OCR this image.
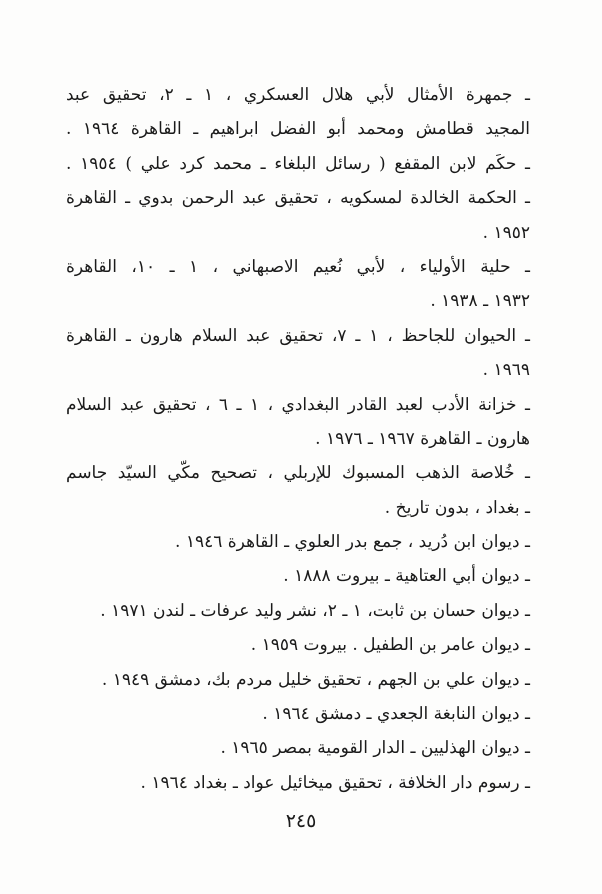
ـ جمهرة الأمثال لأبي هلال العسكري ، ١ ـ ٢، تحقيق عبد
المجيد قطامش ومحمد أبو الفضل ابراهيم ـ القاهرة ١٩٦٤ .
ـ حكَم لابن المقفع ( رسائل البلغاء ـ محمد كرد علي ) ١٩٥٤ .
ـ الحكمة الخالدة لمسكويه ، تحقيق عبد الرحمن بدوي ـ القاهرة
١٩٥٢ .
ـ حلية الأولياء ، لأبي نُعيم الاصبهاني ، ١ ـ ١٠، القاهرة
١٩٣٢ ـ ١٩٣٨ .
ـ الحيوان للجاحظ ، ١ ـ ٧، تحقيق عبد السلام هارون ـ القاهرة
١٩٦٩ .
ـ خزانة الأدب لعبد القادر البغدادي ، ١ ـ ٦ ، تحقيق عبد السلام
هارون ـ القاهرة ١٩٦٧ ـ ١٩٧٦ .
ـ خُلاصة الذهب المسبوك للإربلي ، تصحيح مكّي السيّد جاسم
ـ بغداد ، بدون تاريخ .
ـ ديوان ابن دُريد ، جمع بدر العلوي ـ القاهرة ١٩٤٦ .
ـ ديوان أبي العتاهية ـ بيروت ١٨٨٨ .
ـ ديوان حسان بن ثابت، ١ ـ ٢، نشر وليد عرفات ـ لندن ١٩٧١ .
ـ ديوان عامر بن الطفيل . بيروت ١٩٥٩ .
ـ ديوان علي بن الجهم ، تحقيق خليل مردم بك، دمشق ١٩٤٩ .
ـ ديوان النابغة الجعدي ـ دمشق ١٩٦٤ .
ـ ديوان الهذليين ـ الدار القومية بمصر ١٩٦٥ .
ـ رسوم دار الخلافة ، تحقيق ميخائيل عواد ـ بغداد ١٩٦٤ .
٢٤٥
